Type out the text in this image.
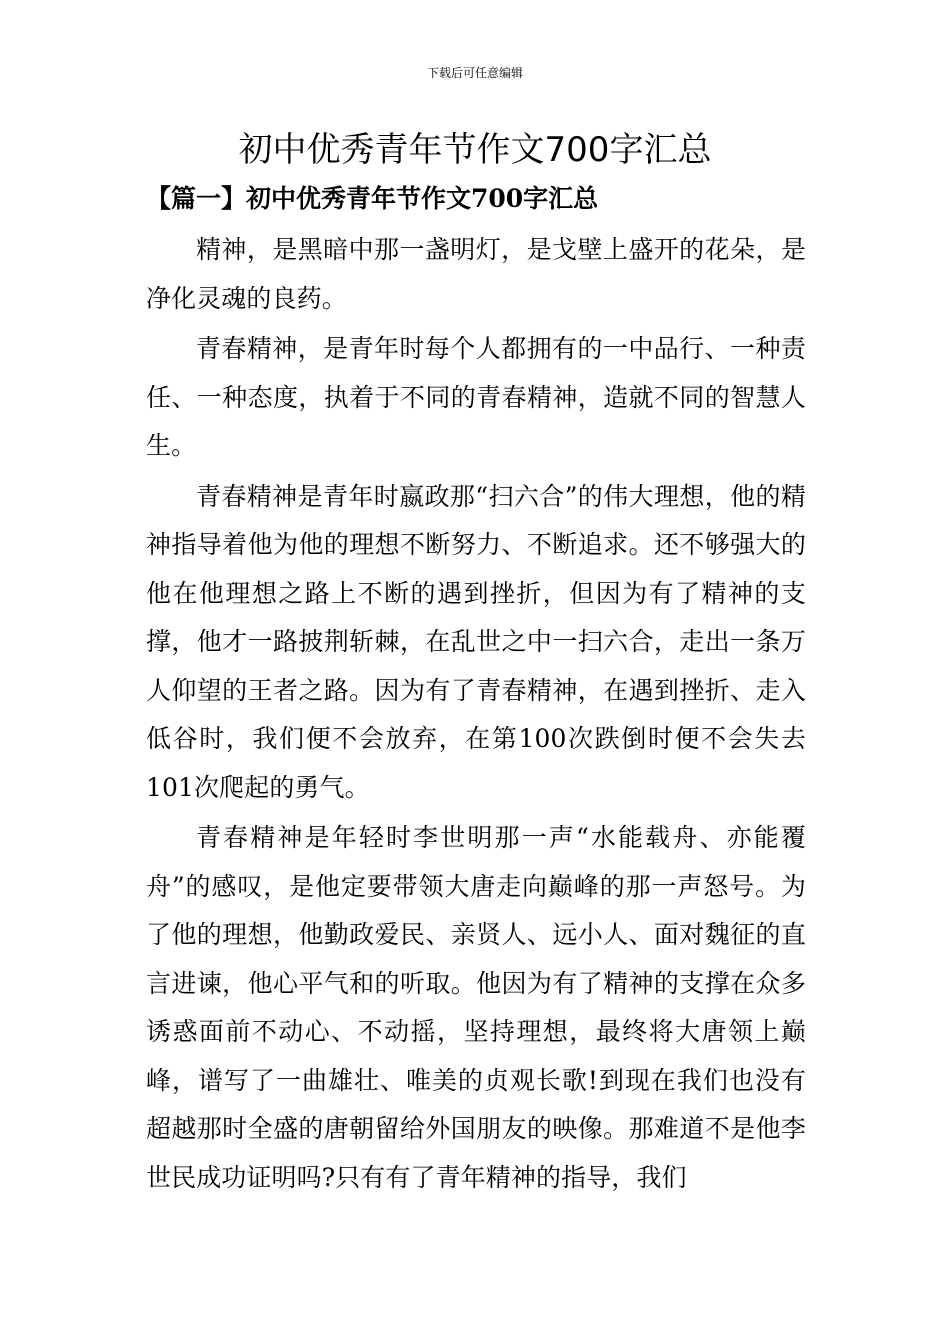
下载后可任意编辑
初中优秀青年节作文700字汇总
【篇一】初中优秀青年节作文700字汇总

精神，是黑暗中那一盏明灯，是戈壁上盛开的花朵，是净化灵魂的良药。

青春精神，是青年时每个人都拥有的一中品行、一种责任、一种态度，执着于不同的青春精神，造就不同的智慧人生。

青春精神是青年时嬴政那“扫六合”的伟大理想，他的精神指导着他为他的理想不断努力、不断追求。还不够强大的他在他理想之路上不断的遇到挫折，但因为有了精神的支撑，他才一路披荆斩棘，在乱世之中一扫六合，走出一条万人仰望的王者之路。因为有了青春精神，在遇到挫折、走入低谷时，我们便不会放弃，在第100次跌倒时便不会失去101次爬起的勇气。

青春精神是年轻时李世明那一声“水能载舟、亦能覆舟”的感叹，是他定要带领大唐走向巅峰的那一声怒号。为了他的理想，他勤政爱民、亲贤人、远小人、面对魏征的直言进谏，他心平气和的听取。他因为有了精神的支撑在众多诱惑面前不动心、不动摇，坚持理想，最终将大唐领上巅峰，谱写了一曲雄壮、唯美的贞观长歌!到现在我们也没有超越那时全盛的唐朝留给外国朋友的映像。那难道不是他李世民成功证明吗?只有有了青年精神的指导，我们
